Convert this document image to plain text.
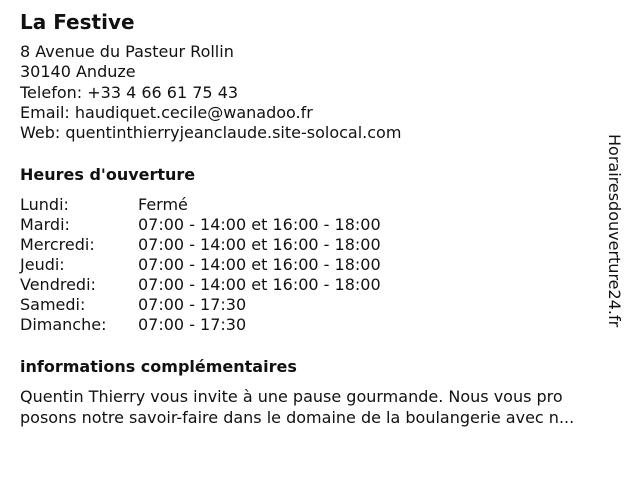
La Festive
8 Avenue du Pasteur Rollin
30140 Anduze
Telefon: +33 4 66 61 75 43
Email: haudiquet.cecile@wanadoo.fr
Web: quentinthierryjeanclaude.site-solocal.com
Heures d'ouverture
Lundi:	Fermé
Mardi:	07:00 - 14:00 et 16:00 - 18:00
Mercredi:	07:00 - 14:00 et 16:00 - 18:00
Jeudi:	07:00 - 14:00 et 16:00 - 18:00
Vendredi:	07:00 - 14:00 et 16:00 - 18:00
Samedi:	07:00 - 17:30
Dimanche:	07:00 - 17:30
informations complémentaires
Quentin Thierry vous invite à une pause gourmande. Nous vous pro
posons notre savoir-faire dans le domaine de la boulangerie avec n...
Horairesdouverture24.fr
